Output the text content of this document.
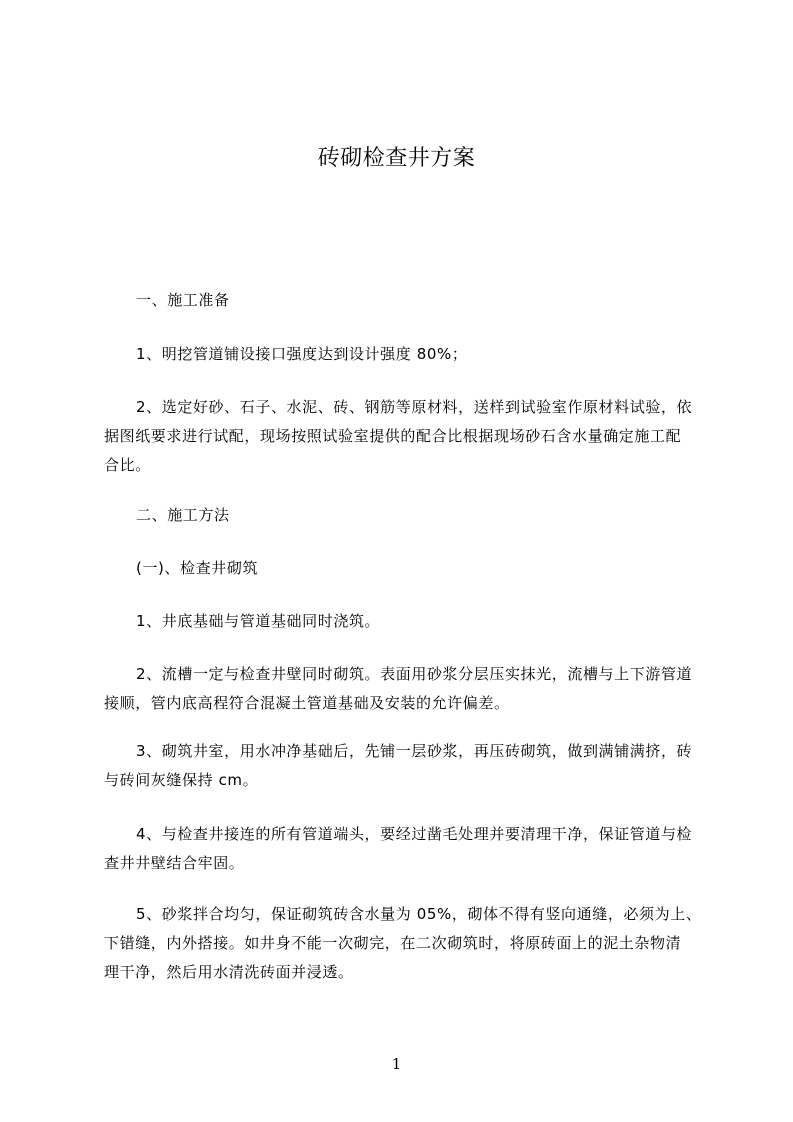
砖砌检查井方案
一、施工准备
1、明挖管道铺设接口强度达到设计强度 80%；
2、选定好砂、石子、水泥、砖、钢筋等原材料，送样到试验室作原材料试验，依
据图纸要求进行试配，现场按照试验室提供的配合比根据现场砂石含水量确定施工配
合比。
二、施工方法
(一)、检查井砌筑
1、井底基础与管道基础同时浇筑。
2、流槽一定与检查井壁同时砌筑。表面用砂浆分层压实抹光，流槽与上下游管道
接顺，管内底高程符合混凝土管道基础及安装的允许偏差。
3、砌筑井室，用水冲净基础后，先铺一层砂浆，再压砖砌筑，做到满铺满挤，砖
与砖间灰缝保持 cm。
4、与检查井接连的所有管道端头，要经过凿毛处理并要清理干净，保证管道与检
查井井壁结合牢固。
5、砂浆拌合均匀，保证砌筑砖含水量为 05%，砌体不得有竖向通缝，必须为上、
下错缝，内外搭接。如井身不能一次砌完，在二次砌筑时，将原砖面上的泥土杂物清
理干净，然后用水清洗砖面并浸透。
1
